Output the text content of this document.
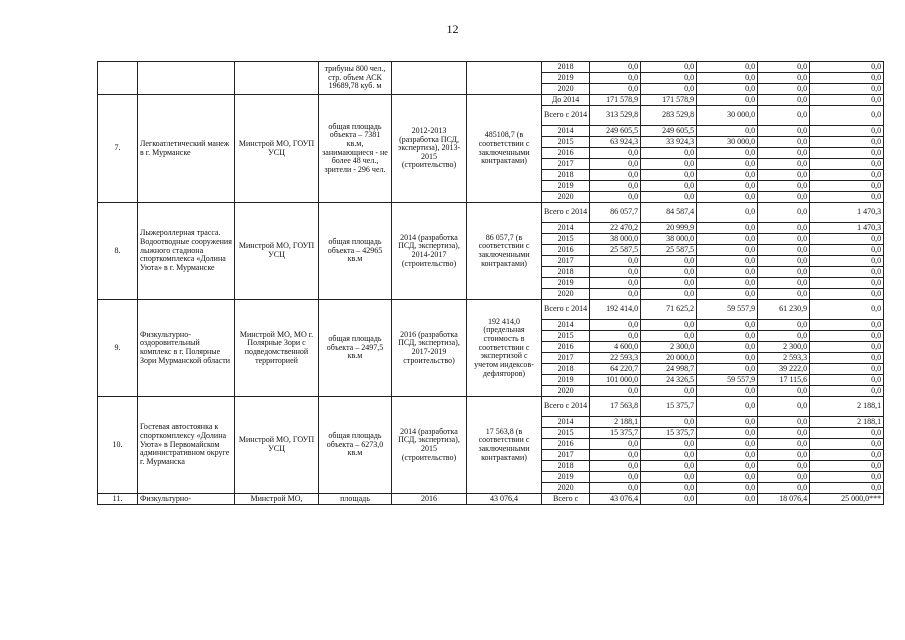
12
			трибуны 800 чел., стр. объем АСК 19689,78 куб. м			2018	0,0	0,0	0,0	0,0	0,0
						2019	0,0	0,0	0,0	0,0	0,0
						2020	0,0	0,0	0,0	0,0	0,0
7.	Легкоатлетический манеж в г. Мурманске	Минстрой МО, ГОУП УСЦ	общая площадь объекта – 7381 кв.м, занимающиеся - не более 48 чел., зрители - 296 чел.	2012-2013 (разработка ПСД, экспертиза), 2013-2015 (строительство)	485108,7 (в соответствии с заключенными контрактами)	До 2014	171 578,9	171 578,9	0,0	0,0	0,0
						Всего с 2014	313 529,8	283 529,8	30 000,0	0,0	0,0
						2014	249 605,5	249 605,5	0,0	0,0	0,0
						2015	63 924,3	33 924,3	30 000,0	0,0	0,0
						2016	0,0	0,0	0,0	0,0	0,0
						2017	0,0	0,0	0,0	0,0	0,0
						2018	0,0	0,0	0,0	0,0	0,0
						2019	0,0	0,0	0,0	0,0	0,0
						2020	0,0	0,0	0,0	0,0	0,0
8.	Лыжероллерная трасса. Водоотводные сооружения лыжного стадиона спорткомплекса «Долина Уюта» в г. Мурманске	Минстрой МО, ГОУП УСЦ	общая площадь объекта – 42965 кв.м	2014 (разработка ПСД, экспертиза), 2014-2017 (строительство)	86 057,7 (в соответствии с заключенными контрактами)	Всего с 2014	86 057,7	84 587,4	0,0	0,0	1 470,3
						2014	22 470,2	20 999,9	0,0	0,0	1 470,3
						2015	38 000,0	38 000,0	0,0	0,0	0,0
						2016	25 587,5	25 587,5	0,0	0,0	0,0
						2017	0,0	0,0	0,0	0,0	0,0
						2018	0,0	0,0	0,0	0,0	0,0
						2019	0,0	0,0	0,0	0,0	0,0
						2020	0,0	0,0	0,0	0,0	0,0
9.	Физкультурно- оздоровительный комплекс в г. Полярные Зори Мурманской области	Минстрой МО, МО г. Полярные Зори с подведомственной территорией	общая площадь объекта – 2497,5 кв.м	2016 (разработка ПСД, экспертиза), 2017-2019 строительство)	192 414,0 (предельная стоимость в соответствии с экспертизой с учетом индексов- дефляторов)	Всего с 2014	192 414,0	71 625,2	59 557,9	61 230,9	0,0
						2014	0,0	0,0	0,0	0,0	0,0
						2015	0,0	0,0	0,0	0,0	0,0
						2016	4 600,0	2 300,0	0,0	2 300,0	0,0
						2017	22 593,3	20 000,0	0,0	2 593,3	0,0
						2018	64 220,7	24 998,7	0,0	39 222,0	0,0
						2019	101 000,0	24 326,5	59 557,9	17 115,6	0,0
						2020	0,0	0,0	0,0	0,0	0,0
10.	Гостевая автостоянка к спорткомплексу «Долина Уюта» в Первомайском административном округе г. Мурманска	Минстрой МО, ГОУП УСЦ	общая площадь объекта – 6273,0 кв.м	2014 (разработка ПСД, экспертиза), 2015 (строительство)	17 563,8 (в соответствии с заключенными контрактами)	Всего с 2014	17 563,8	15 375,7	0,0	0,0	2 188,1
						2014	2 188,1	0,0	0,0	0,0	2 188,1
						2015	15 375,7	15 375,7	0,0	0,0	0,0
						2016	0,0	0,0	0,0	0,0	0,0
						2017	0,0	0,0	0,0	0,0	0,0
						2018	0,0	0,0	0,0	0,0	0,0
						2019	0,0	0,0	0,0	0,0	0,0
						2020	0,0	0,0	0,0	0,0	0,0
11.	Физкультурно-	Минстрой МО,	площадь	2016	43 076,4	Всего с	43 076,4	0,0	0,0	18 076,4	25 000,0***
